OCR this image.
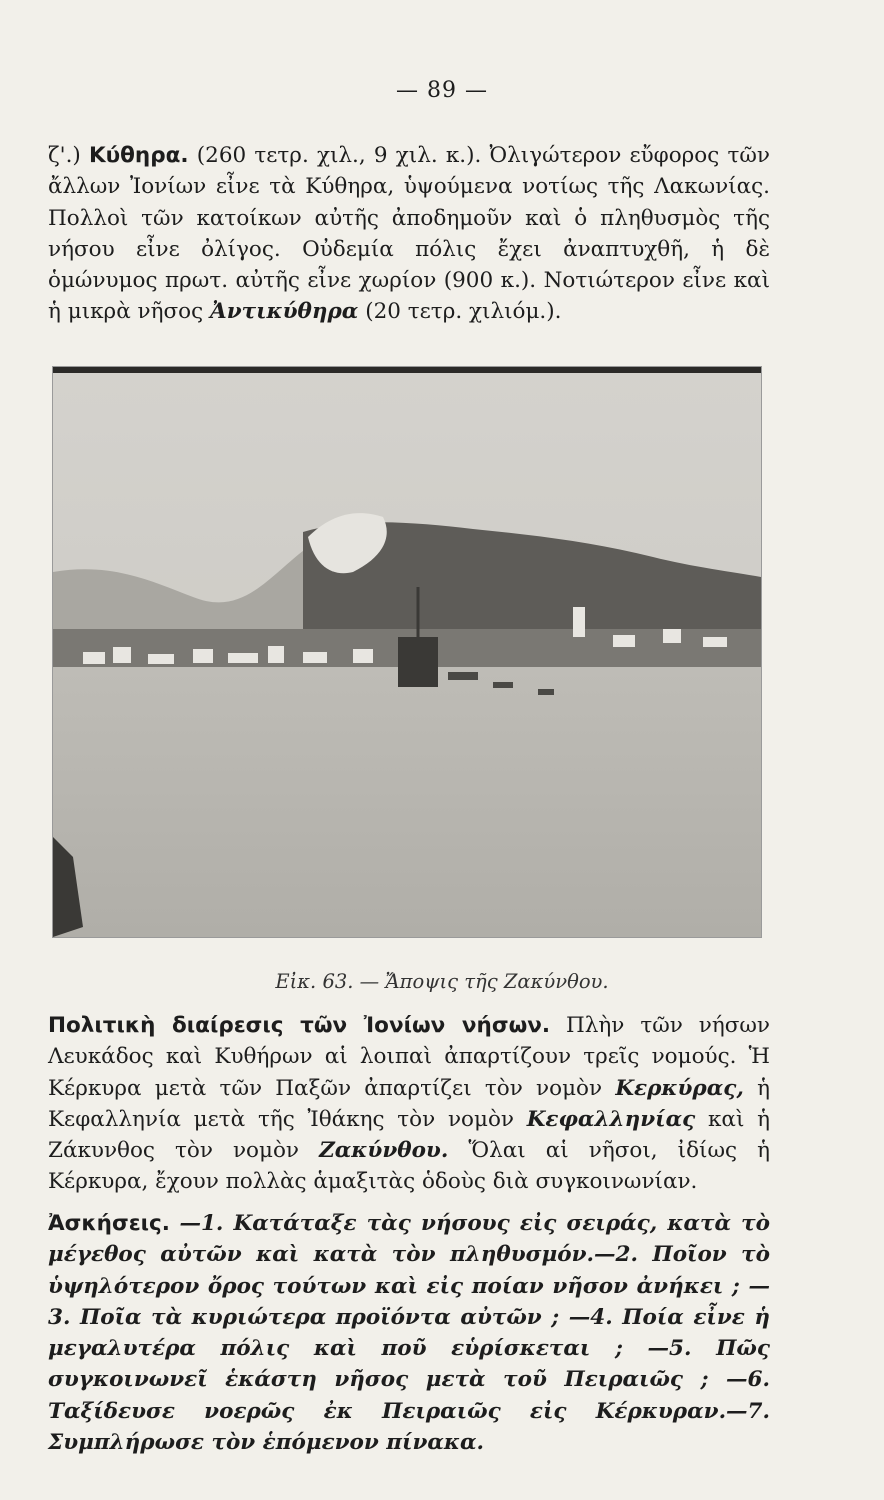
— 89 —

ζ'.) Κύθηρα. (260 τετρ. χιλ., 9 χιλ. κ.). Ὀλιγώτερον εὔφορος τῶν ἄλλων Ἰονίων εἶνε τὰ Κύθηρα, ὑψούμενα νοτίως τῆς Λακωνίας. Πολλοὶ τῶν κατοίκων αὐτῆς ἀποδημοῦν καὶ ὁ πληθυσμὸς τῆς νήσου εἶνε ὀλίγος. Οὐδεμία πόλις ἔχει ἀναπτυχθῆ, ἡ δὲ ὁμώνυμος πρωτ. αὐτῆς εἶνε χωρίον (900 κ.). Νοτιώτερον εἶνε καὶ ἡ μικρὰ νῆσος Ἀντικύθηρα (20 τετρ. χιλιόμ.).

Εἰκ. 63. — Ἄποψις τῆς Ζακύνθου.

Πολιτικὴ διαίρεσις τῶν Ἰονίων νήσων. Πλὴν τῶν νήσων Λευκάδος καὶ Κυθήρων αἱ λοιπαὶ ἀπαρτίζουν τρεῖς νομούς. Ἡ Κέρκυρα μετὰ τῶν Παξῶν ἀπαρτίζει τὸν νομὸν Κερκύρας, ἡ Κεφαλληνία μετὰ τῆς Ἰθάκης τὸν νομὸν Κεφαλληνίας καὶ ἡ Ζάκυνθος τὸν νομὸν Ζακύνθου. Ὅλαι αἱ νῆσοι, ἰδίως ἡ Κέρκυρα, ἔχουν πολλὰς ἁμαξιτὰς ὁδοὺς διὰ συγκοινωνίαν.

Ἀσκήσεις. —1. Κατάταξε τὰς νήσους εἰς σειράς, κατὰ τὸ μέγεθος αὐτῶν καὶ κατὰ τὸν πληθυσμόν.—2. Ποῖον τὸ ὑψηλότερον ὄρος τούτων καὶ εἰς ποίαν νῆσον ἀνήκει ; —3. Ποῖα τὰ κυριώτερα προϊόντα αὐτῶν ; —4. Ποία εἶνε ἡ μεγαλυτέρα πόλις καὶ ποῦ εὑρίσκεται ; —5. Πῶς συγκοινωνεῖ ἑκάστη νῆσος μετὰ τοῦ Πειραιῶς ; —6. Ταξίδευσε νοερῶς ἐκ Πειραιῶς εἰς Κέρκυραν.—7. Συμπλήρωσε τὸν ἑπόμενον πίνακα.
